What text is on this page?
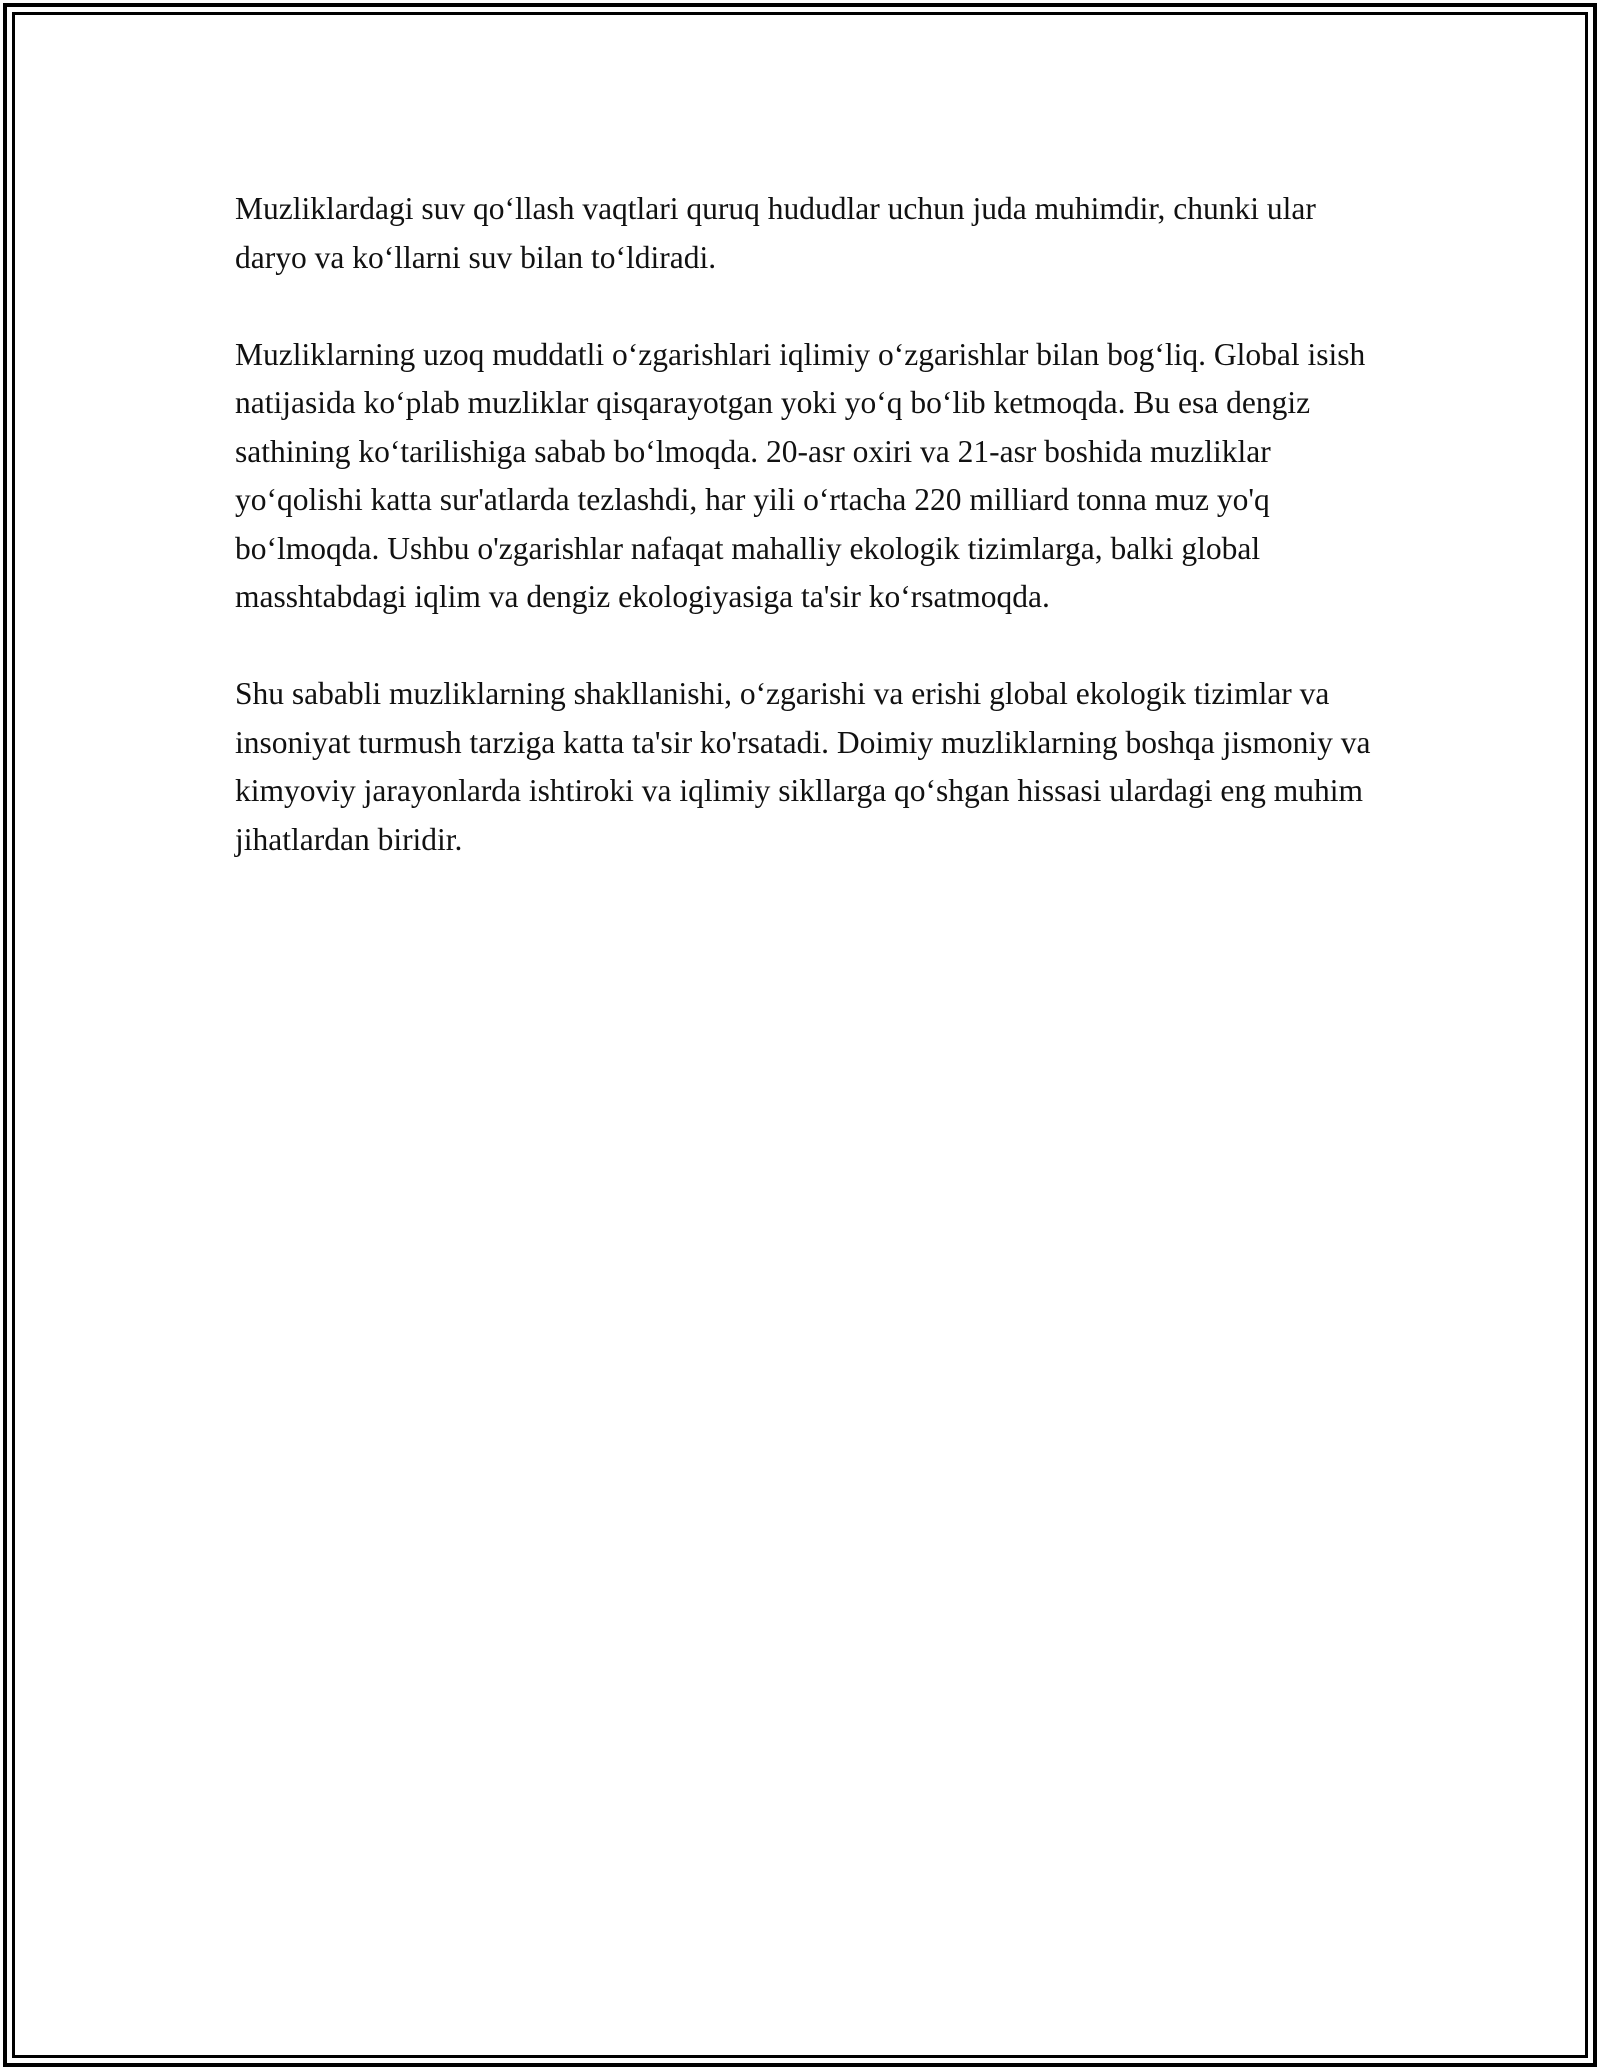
Muzliklardagi suv qo‘llash vaqtlari quruq hududlar uchun juda muhimdir, chunki ular daryo va ko‘llarni suv bilan to‘ldiradi.

Muzliklarning uzoq muddatli o‘zgarishlari iqlimiy o‘zgarishlar bilan bog‘liq. Global isish natijasida ko‘plab muzliklar qisqarayotgan yoki yo‘q bo‘lib ketmoqda. Bu esa dengiz sathining ko‘tarilishiga sabab bo‘lmoqda. 20-asr oxiri va 21-asr boshida muzliklar yo‘qolishi katta sur'atlarda tezlashdi, har yili o‘rtacha 220 milliard tonna muz yo'q bo‘lmoqda. Ushbu o'zgarishlar nafaqat mahalliy ekologik tizimlarga, balki global masshtabdagi iqlim va dengiz ekologiyasiga ta'sir ko‘rsatmoqda.

Shu sababli muzliklarning shakllanishi, o‘zgarishi va erishi global ekologik tizimlar va insoniyat turmush tarziga katta ta'sir ko'rsatadi. Doimiy muzliklarning boshqa jismoniy va kimyoviy jarayonlarda ishtiroki va iqlimiy sikllarga qo‘shgan hissasi ulardagi eng muhim jihatlardan biridir.
